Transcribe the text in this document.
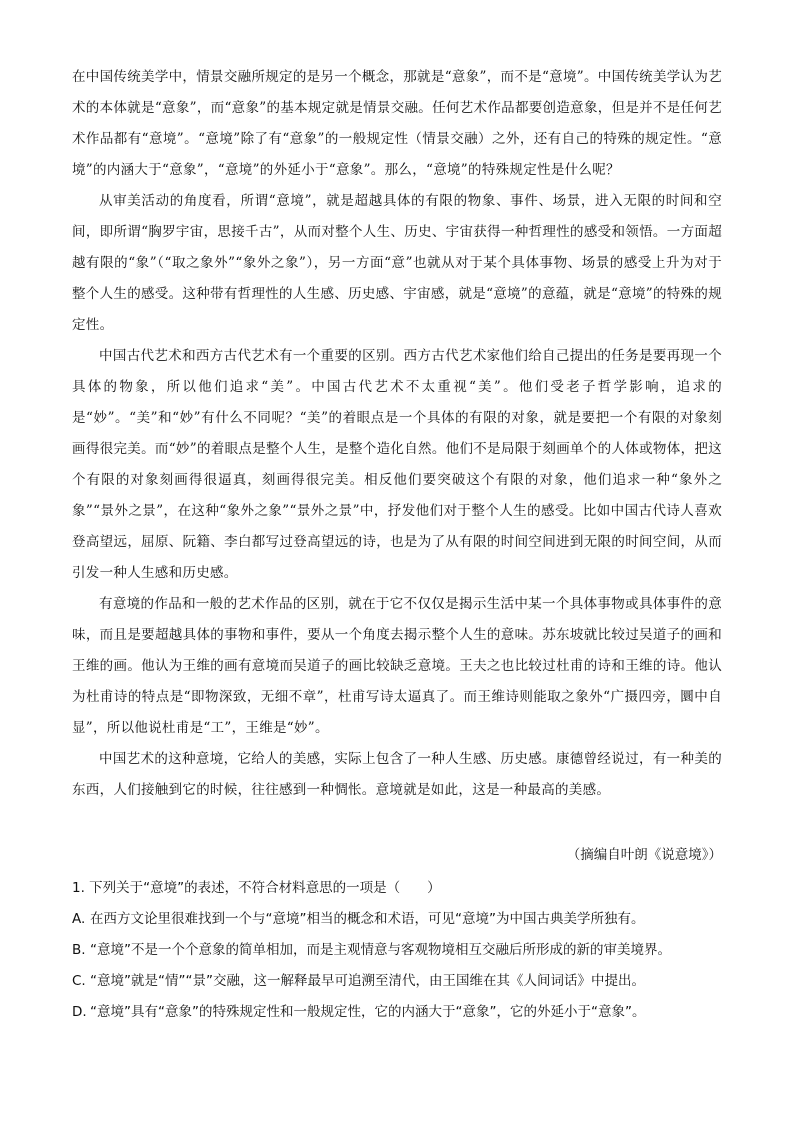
在中国传统美学中，情景交融所规定的是另一个概念，那就是“意象”，而不是“意境”。中国传统美学认为艺术的本体就是“意象”，而“意象”的基本规定就是情景交融。任何艺术作品都要创造意象，但是并不是任何艺术作品都有“意境”。“意境”除了有“意象”的一般规定性（情景交融）之外，还有自己的特殊的规定性。“意境”的内涵大于“意象”，“意境”的外延小于“意象”。那么，“意境”的特殊规定性是什么呢？

从审美活动的角度看，所谓“意境”，就是超越具体的有限的物象、事件、场景，进入无限的时间和空间，即所谓“胸罗宇宙，思接千古”，从而对整个人生、历史、宇宙获得一种哲理性的感受和领悟。一方面超越有限的“象”（“取之象外”“象外之象”），另一方面“意”也就从对于某个具体事物、场景的感受上升为对于整个人生的感受。这种带有哲理性的人生感、历史感、宇宙感，就是“意境”的意蕴，就是“意境”的特殊的规定性。

中国古代艺术和西方古代艺术有一个重要的区别。西方古代艺术家他们给自己提出的任务是要再现一个具体的物象，所以他们追求“美”。中国古代艺术不太重视“美”。他们受老子哲学影响，追求的是“妙”。“美”和“妙”有什么不同呢？“美”的着眼点是一个具体的有限的对象，就是要把一个有限的对象刻画得很完美。而“妙”的着眼点是整个人生，是整个造化自然。他们不是局限于刻画单个的人体或物体，把这个有限的对象刻画得很逼真，刻画得很完美。相反他们要突破这个有限的对象，他们追求一种“象外之象”“景外之景”，在这种“象外之象”“景外之景”中，抒发他们对于整个人生的感受。比如中国古代诗人喜欢登高望远，屈原、阮籍、李白都写过登高望远的诗，也是为了从有限的时间空间进到无限的时间空间，从而引发一种人生感和历史感。

有意境的作品和一般的艺术作品的区别，就在于它不仅仅是揭示生活中某一个具体事物或具体事件的意味，而且是要超越具体的事物和事件，要从一个角度去揭示整个人生的意味。苏东坡就比较过吴道子的画和王维的画。他认为王维的画有意境而吴道子的画比较缺乏意境。王夫之也比较过杜甫的诗和王维的诗。他认为杜甫诗的特点是“即物深致，无细不章”，杜甫写诗太逼真了。而王维诗则能取之象外“广摄四旁，圜中自显”，所以他说杜甫是“工”，王维是“妙”。

中国艺术的这种意境，它给人的美感，实际上包含了一种人生感、历史感。康德曾经说过，有一种美的东西，人们接触到它的时候，往往感到一种惆怅。意境就是如此，这是一种最高的美感。

（摘编自叶朗《说意境》）
1. 下列关于“意境”的表述，不符合材料意思的一项是（　　）
A. 在西方文论里很难找到一个与“意境”相当的概念和术语，可见“意境”为中国古典美学所独有。
B. “意境”不是一个个意象的简单相加，而是主观情意与客观物境相互交融后所形成的新的审美境界。
C. “意境”就是“情”“景”交融，这一解释最早可追溯至清代，由王国维在其《人间词话》中提出。
D. “意境”具有“意象”的特殊规定性和一般规定性，它的内涵大于“意象”，它的外延小于“意象”。
